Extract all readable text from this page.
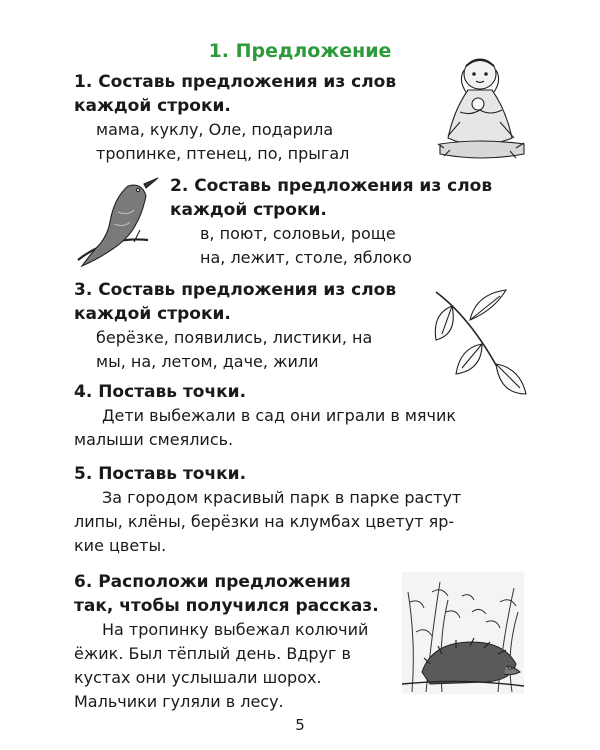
1. Предложение
1. Составь предложения из слов
каждой строки.

мама, куклу, Оле, подарила
тропинке, птенец, по, прыгал

2. Составь предложения из слов
каждой строки.

в, поют, соловьи, роще
на, лежит, столе, яблоко

3. Составь предложения из слов
каждой строки.

берёзке, появились, листики, на
мы, на, летом, даче, жили

4. Поставь точки.

Дети выбежали в сад они играли в мячик
малыши смеялись.

5. Поставь точки.

За городом красивый парк в парке растут
липы, клёны, берёзки на клумбах цветут яр-
кие цветы.

6. Расположи предложения
так, чтобы получился рассказ.

На тропинку выбежал колючий
ёжик. Был тёплый день. Вдруг в
кустах они услышали шорох.
Мальчики гуляли в лесу.

5
